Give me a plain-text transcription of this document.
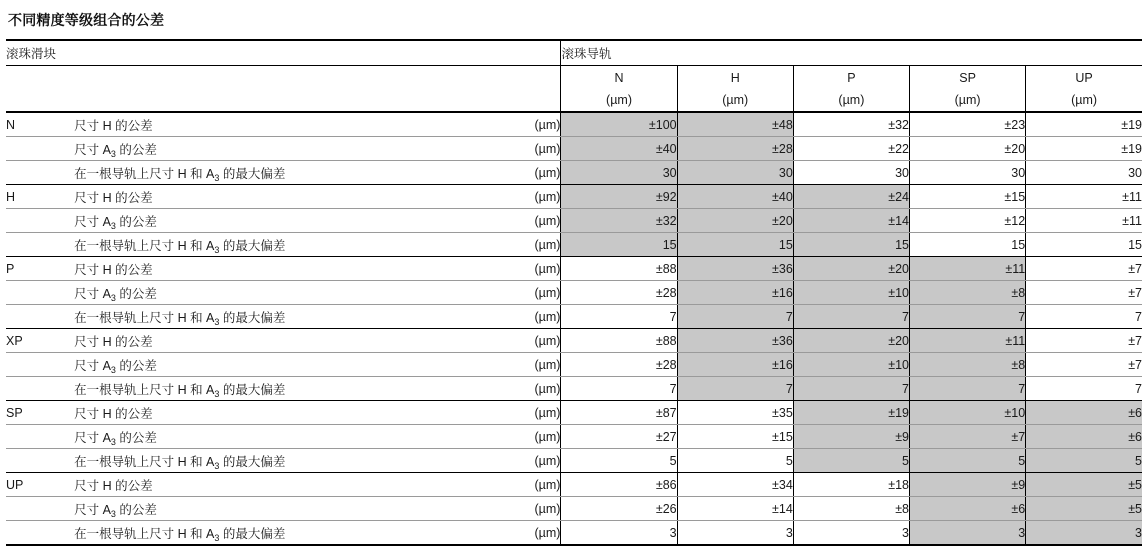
不同精度等级组合的公差
滚珠滑块			滚珠导轨				
			N	H	P	SP	UP
			(µm)	(µm)	(µm)	(µm)	(µm)
N	尺寸 H 的公差	(µm)	±100	±48	±32	±23	±19
	尺寸 $A_3$ 的公差	(µm)	±40	±28	±22	±20	±19
	在一根导轨上尺寸 H 和 $A_3$ 的最大偏差	(µm)	30	30	30	30	30
H	尺寸 H 的公差	(µm)	±92	±40	±24	±15	±11
	尺寸 $A_3$ 的公差	(µm)	±32	±20	±14	±12	±11
	在一根导轨上尺寸 H 和 $A_3$ 的最大偏差	(µm)	15	15	15	15	15
P	尺寸 H 的公差	(µm)	±88	±36	±20	±11	±7
	尺寸 $A_3$ 的公差	(µm)	±28	±16	±10	±8	±7
	在一根导轨上尺寸 H 和 $A_3$ 的最大偏差	(µm)	7	7	7	7	7
XP	尺寸 H 的公差	(µm)	±88	±36	±20	±11	±7
	尺寸 $A_3$ 的公差	(µm)	±28	±16	±10	±8	±7
	在一根导轨上尺寸 H 和 $A_3$ 的最大偏差	(µm)	7	7	7	7	7
SP	尺寸 H 的公差	(µm)	±87	±35	±19	±10	±6
	尺寸 $A_3$ 的公差	(µm)	±27	±15	±9	±7	±6
	在一根导轨上尺寸 H 和 $A_3$ 的最大偏差	(µm)	5	5	5	5	5
UP	尺寸 H 的公差	(µm)	±86	±34	±18	±9	±5
	尺寸 $A_3$ 的公差	(µm)	±26	±14	±8	±6	±5
	在一根导轨上尺寸 H 和 $A_3$ 的最大偏差	(µm)	3	3	3	3	3
